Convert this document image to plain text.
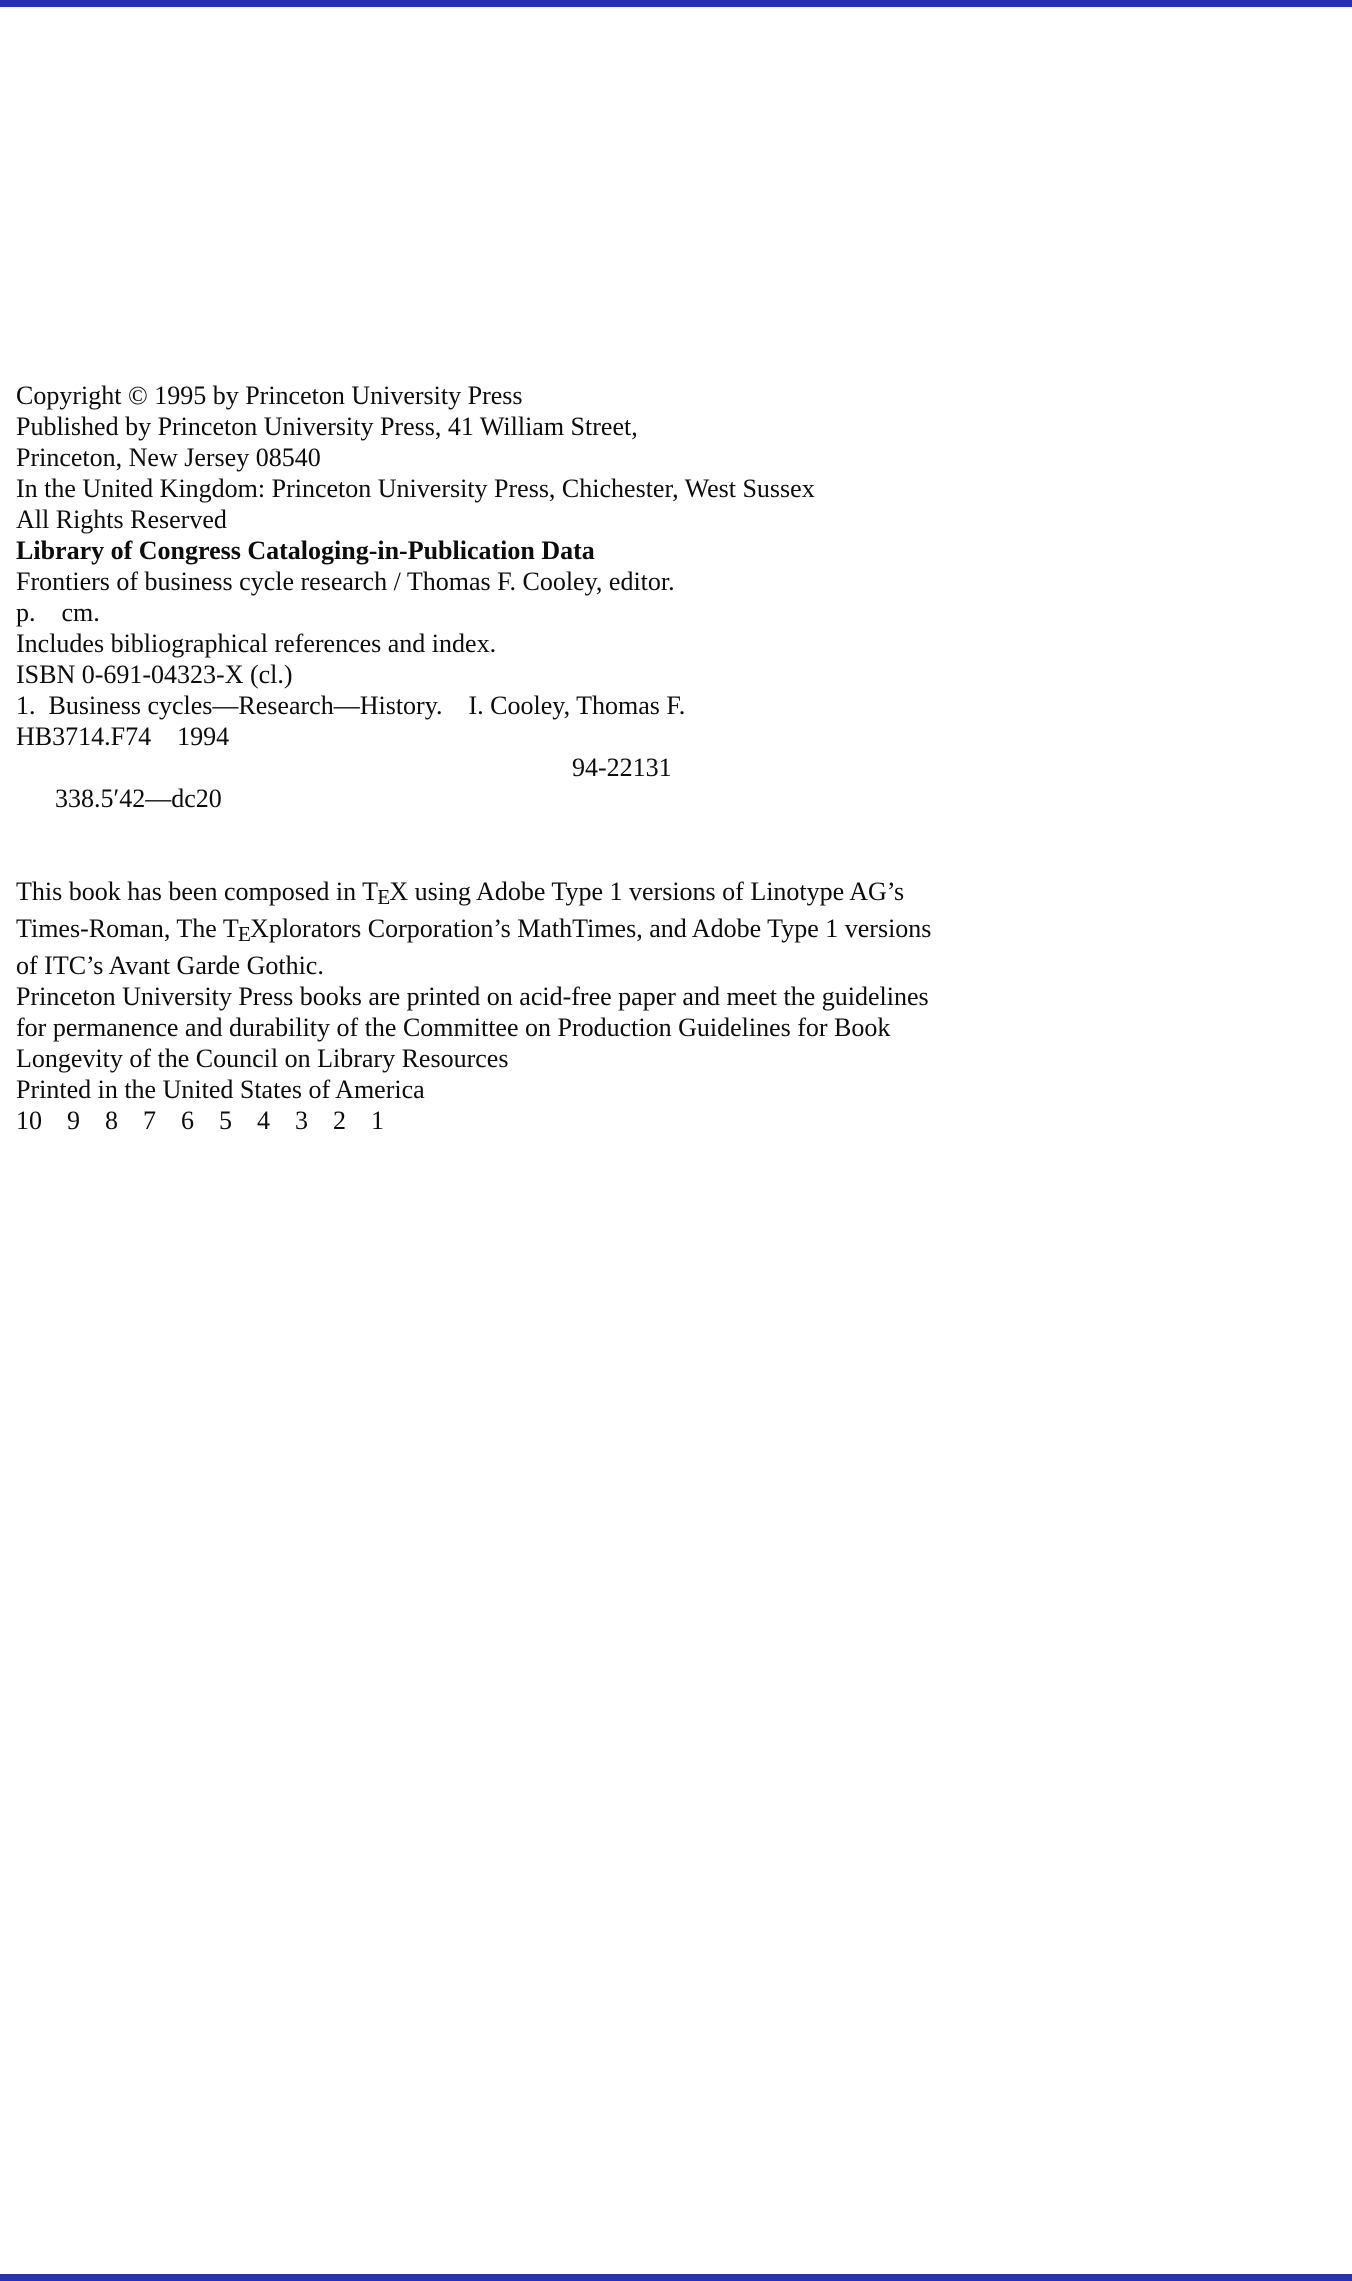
Copyright © 1995 by Princeton University Press
Published by Princeton University Press, 41 William Street,
Princeton, New Jersey 08540
In the United Kingdom: Princeton University Press, Chichester, West Sussex

All Rights Reserved

Library of Congress Cataloging-in-Publication Data

Frontiers of business cycle research / Thomas F. Cooley, editor.
p.    cm.
Includes bibliographical references and index.
ISBN 0-691-04323-X (cl.)
1.  Business cycles—Research—History.    I. Cooley, Thomas F.
HB3714.F74    1994

338.5′42—dc20

94-22131

This book has been composed in TEX using Adobe Type 1 versions of Linotype AG’s Times-Roman, The TEXplorators Corporation’s MathTimes, and Adobe Type 1 versions of ITC’s Avant Garde Gothic.

Princeton University Press books are printed on acid-free paper and meet the guidelines for permanence and durability of the Committee on Production Guidelines for Book Longevity of the Council on Library Resources

Printed in the United States of America

10  9  8  7  6  5  4  3  2  1
